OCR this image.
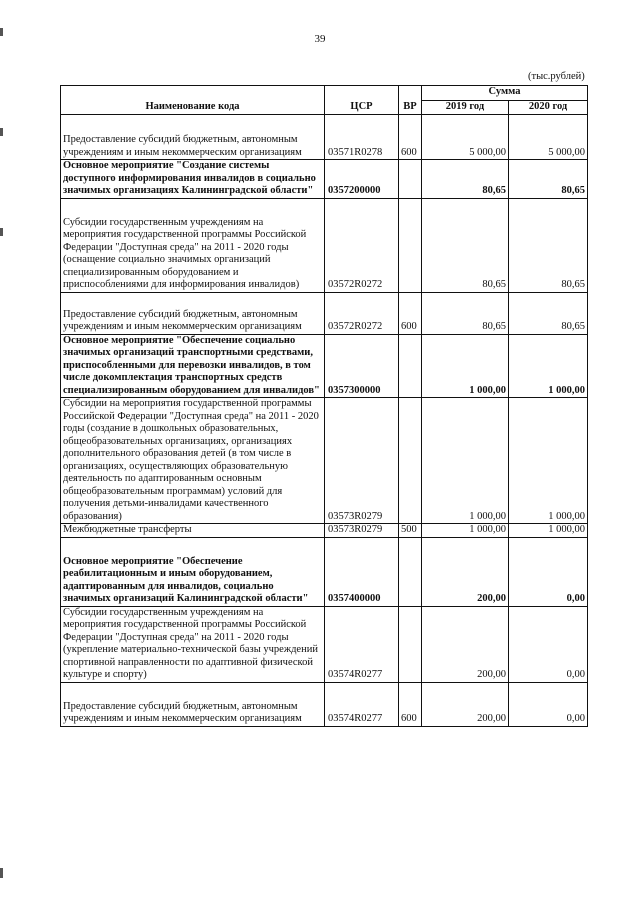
39
(тыс.рублей)
Наименование кода	ЦСР	ВР	Сумма	
			2019 год	2020 год
Предоставление субсидий бюджетным, автономным учреждениям и иным некоммерческим организациям	03571R0278	600	5 000,00	5 000,00
Основное мероприятие "Создание системы доступного информирования инвалидов в социально значимых организациях Калининградской области"	0357200000		80,65	80,65
Субсидии государственным учреждениям на мероприятия государственной программы Российской Федерации "Доступная среда" на 2011 - 2020 годы (оснащение социально значимых организаций специализированным оборудованием и приспособлениями для информирования инвалидов)	03572R0272		80,65	80,65
Предоставление субсидий бюджетным, автономным учреждениям и иным некоммерческим организациям	03572R0272	600	80,65	80,65
Основное мероприятие "Обеспечение социально значимых организаций транспортными средствами, приспособленными для перевозки инвалидов, в том числе докомплектация транспортных средств специализированным оборудованием для инвалидов"	0357300000		1 000,00	1 000,00
Субсидии на мероприятия государственной программы Российской Федерации "Доступная среда" на 2011 - 2020 годы (создание в дошкольных образовательных, общеобразовательных организациях, организациях дополнительного образования детей (в том числе в организациях, осуществляющих образовательную деятельность по адаптированным основным общеобразовательным программам) условий для получения детьми-инвалидами качественного образования)	03573R0279		1 000,00	1 000,00
Межбюджетные трансферты	03573R0279	500	1 000,00	1 000,00
Основное мероприятие "Обеспечение реабилитационным и иным оборудованием, адаптированным для инвалидов, социально значимых организаций Калининградской области"	0357400000		200,00	0,00
Субсидии государственным учреждениям на мероприятия государственной программы Российской Федерации "Доступная среда" на 2011 - 2020 годы (укрепление материально-технической базы учреждений спортивной направленности по адаптивной физической культуре и спорту)	03574R0277		200,00	0,00
Предоставление субсидий бюджетным, автономным учреждениям и иным некоммерческим организациям	03574R0277	600	200,00	0,00
